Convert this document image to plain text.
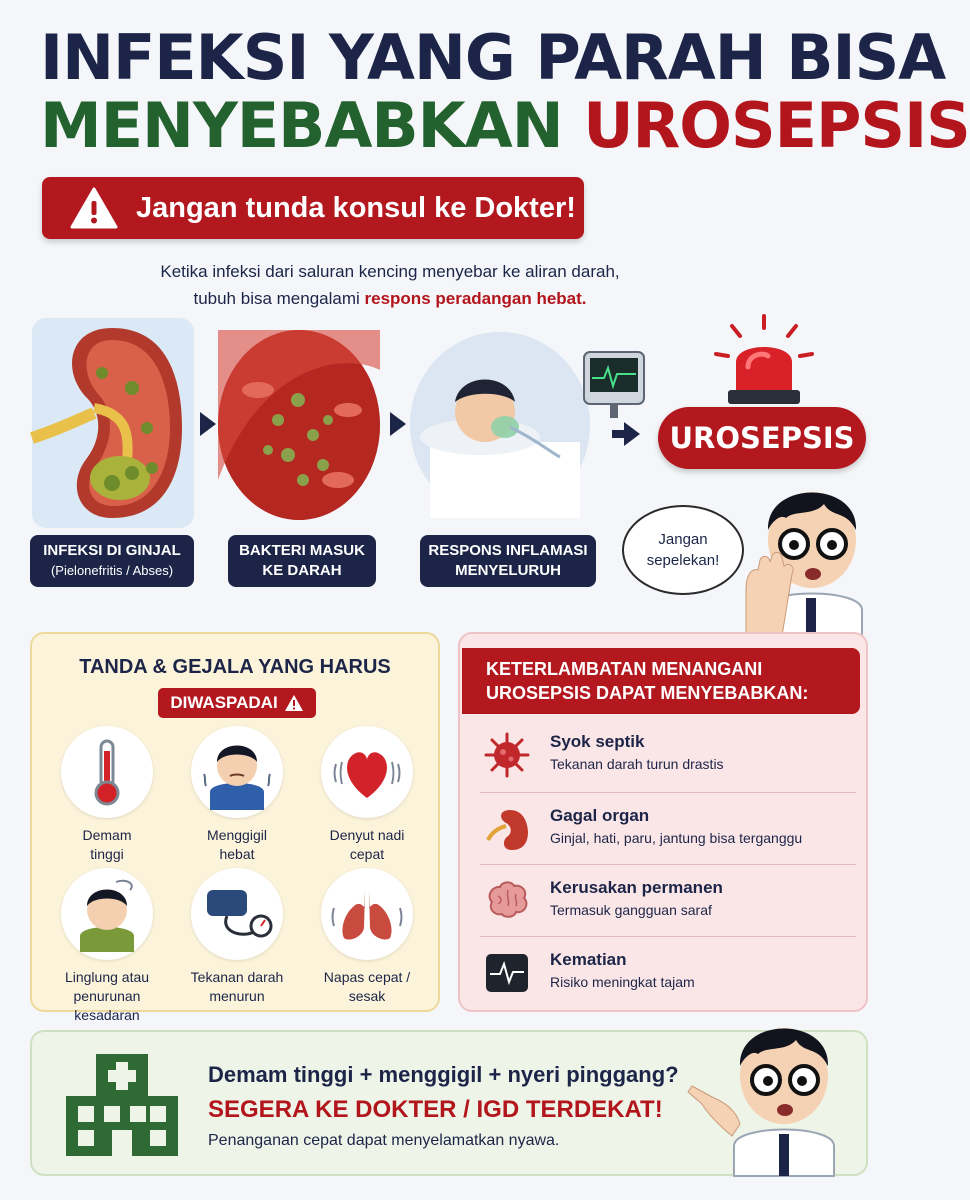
INFEKSI YANG PARAH BISA
MENYEBABKAN UROSEPSIS
Jangan tunda konsul ke Dokter!
Ketika infeksi dari saluran kencing menyebar ke aliran darah,
tubuh bisa mengalami respons peradangan hebat.
INFEKSI DI GINJAL
(Pielonefritis / Abses)
BAKTERI MASUK
KE DARAH
RESPONS INFLAMASI
MENYELURUH
UROSEPSIS
Jangan sepelekan!
TANDA & GEJALA YANG HARUS
DIWASPADAI
Demam
tinggi
Menggigil
hebat
Denyut nadi
cepat
Linglung atau
penurunan kesadaran
Tekanan darah
menurun
Napas cepat /
sesak
KETERLAMBATAN MENANGANI
UROSEPSIS DAPAT MENYEBABKAN:
Syok septik
Tekanan darah turun drastis
Gagal organ
Ginjal, hati, paru, jantung bisa terganggu
Kerusakan permanen
Termasuk gangguan saraf
Kematian
Risiko meningkat tajam
Demam tinggi + menggigil + nyeri pinggang?
SEGERA KE DOKTER / IGD TERDEKAT!
Penanganan cepat dapat menyelamatkan nyawa.
